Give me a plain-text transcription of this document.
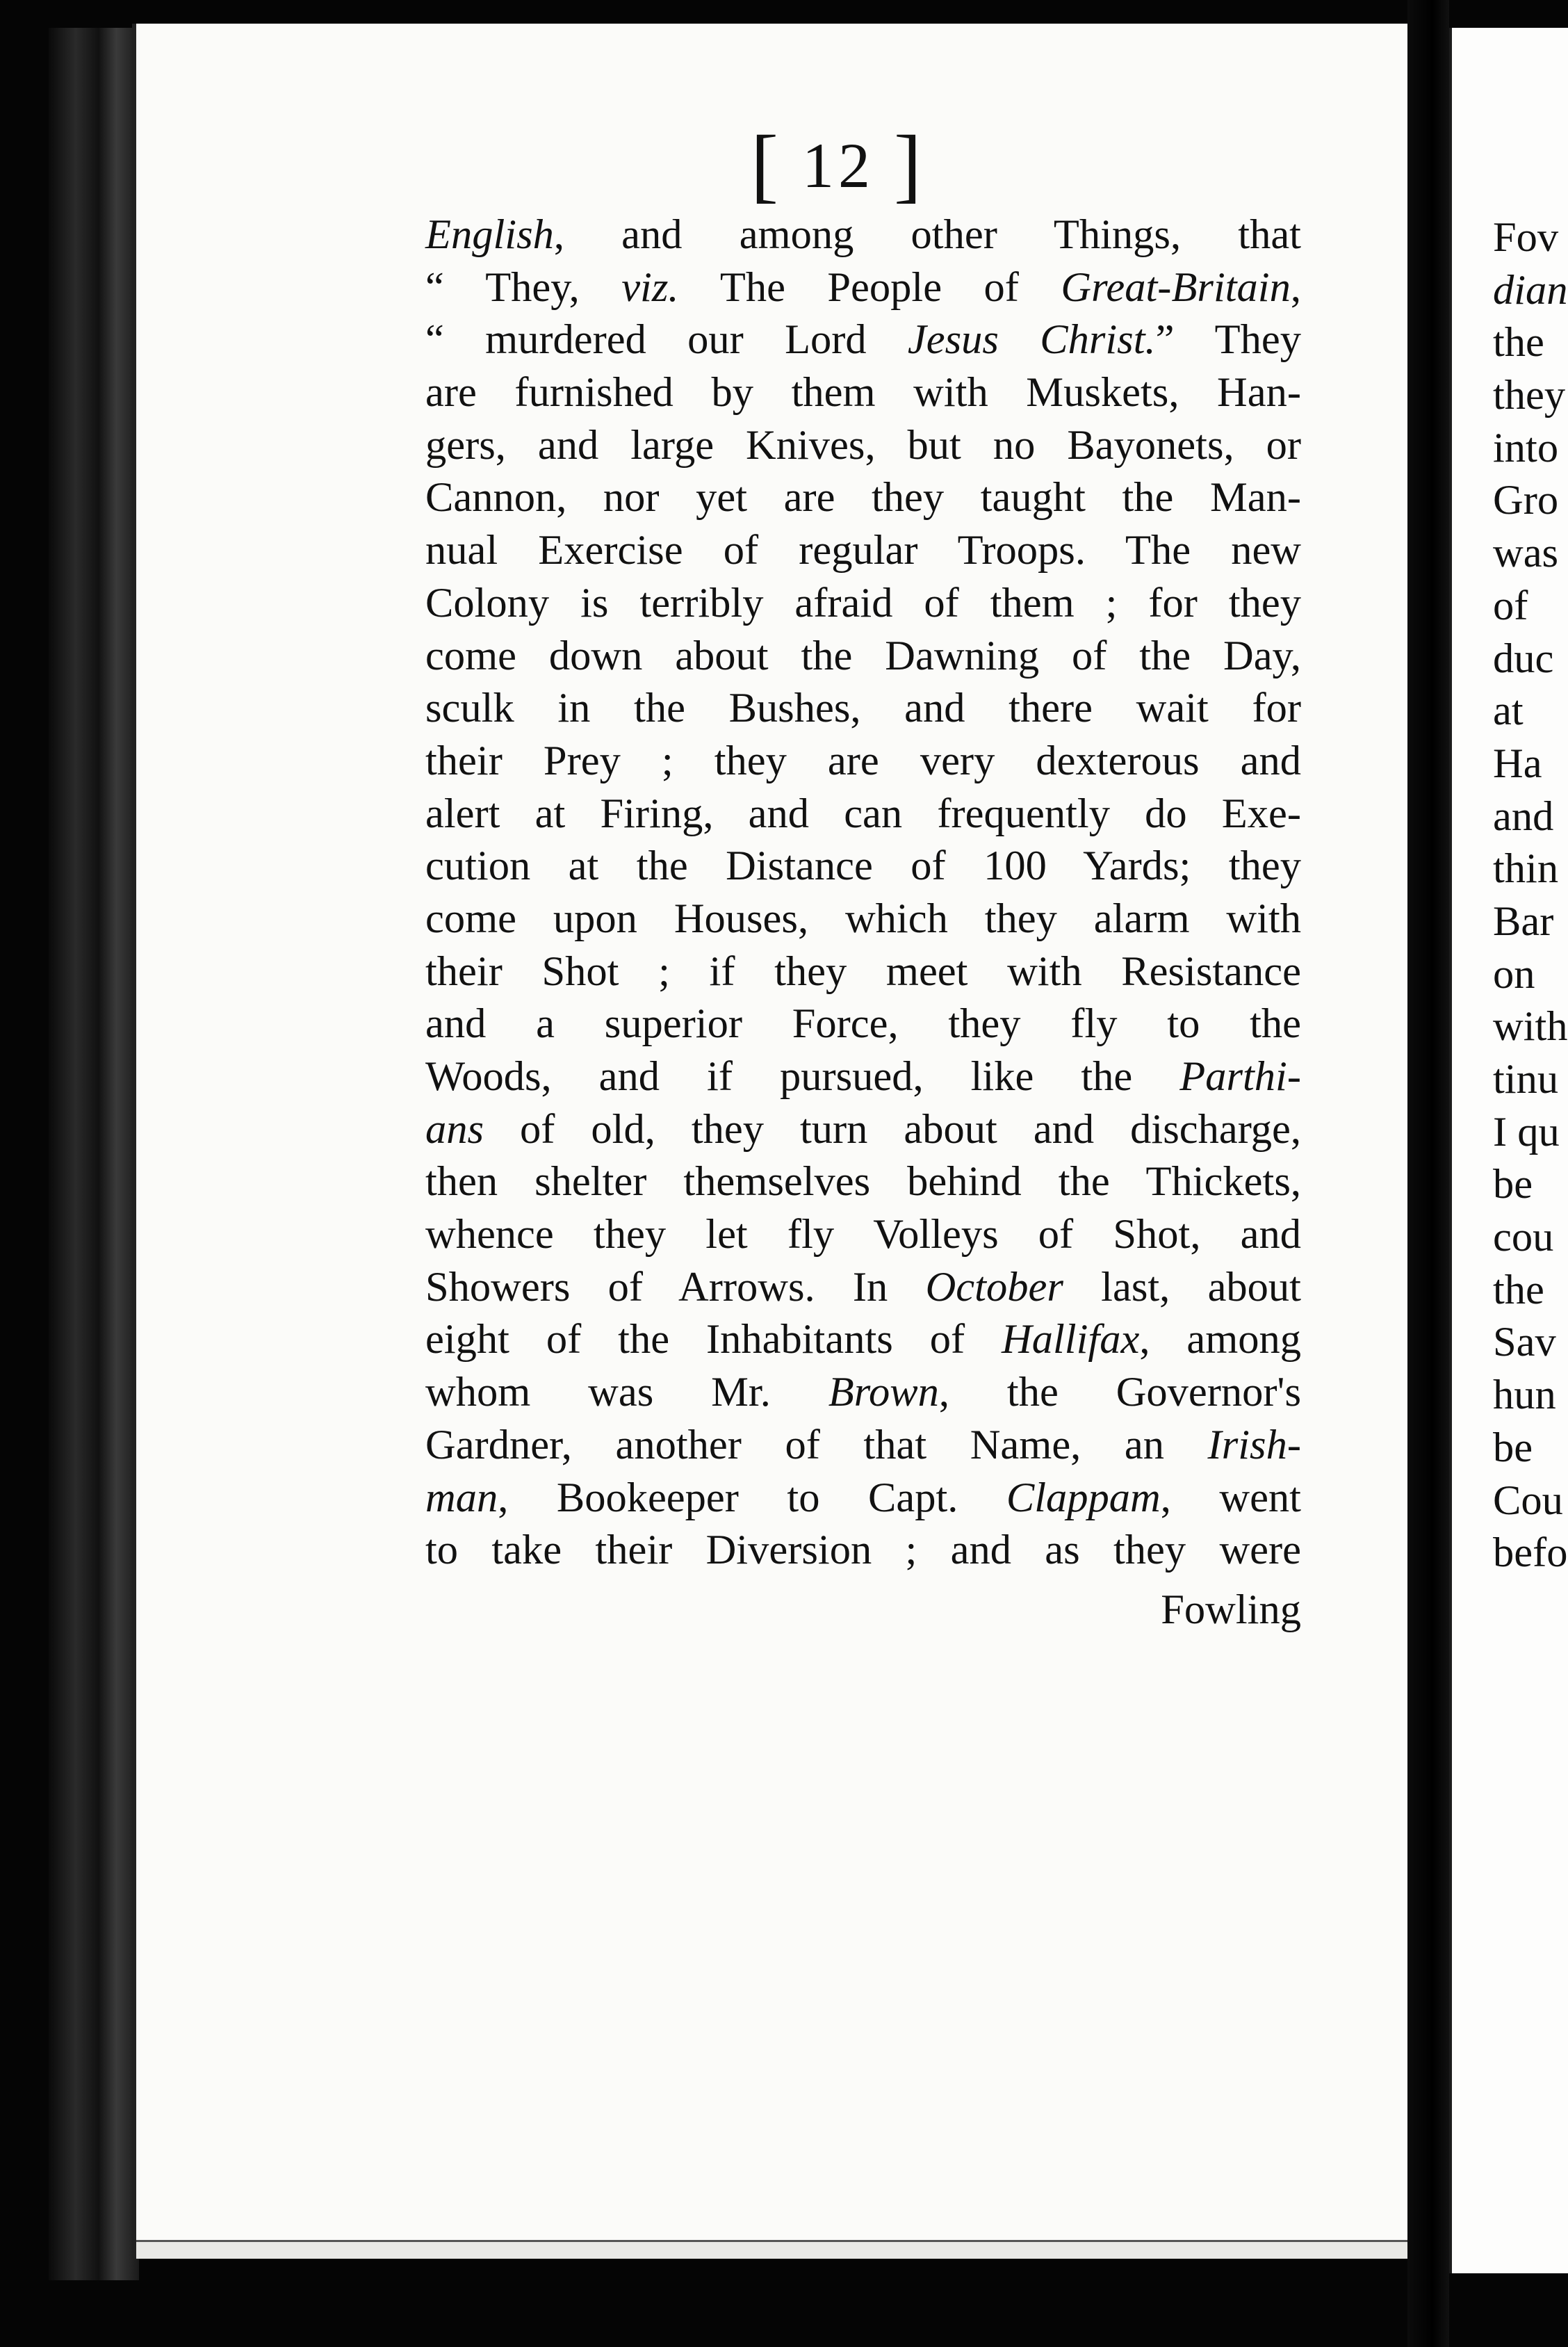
[ 12 ]
English, and among other Things, that
“ They, viz. The People of Great-Britain,
“ murdered our Lord Jesus Christ.” They
are furnished by them with Muskets, Han-
gers, and large Knives, but no Bayonets, or
Cannon, nor yet are they taught the Man-
nual Exercise of regular Troops. The new
Colony is terribly afraid of them ; for they
come down about the Dawning of the Day,
sculk in the Bushes, and there wait for
their Prey ; they are very dexterous and
alert at Firing, and can frequently do Exe-
cution at the Distance of 100 Yards; they
come upon Houses, which they alarm with
their Shot ; if they meet with Resistance
and a superior Force, they fly to the
Woods, and if pursued, like the Parthi-
ans of old, they turn about and discharge,
then shelter themselves behind the Thickets,
whence they let fly Volleys of Shot, and
Showers of Arrows. In October last, about
eight of the Inhabitants of Hallifax, among
whom was Mr. Brown, the Governor's
Gardner, another of that Name, an Irish-
man, Bookeeper to Capt. Clappam, went
to take their Diversion ; and as they were
Fowling
Fov
dian
the
they
into
Gro
was
of
duc
at
Ha
and
thin
Bar
on
with
tinu
I qu
be
cou
the
Sav
hun
be
Cou
befo
